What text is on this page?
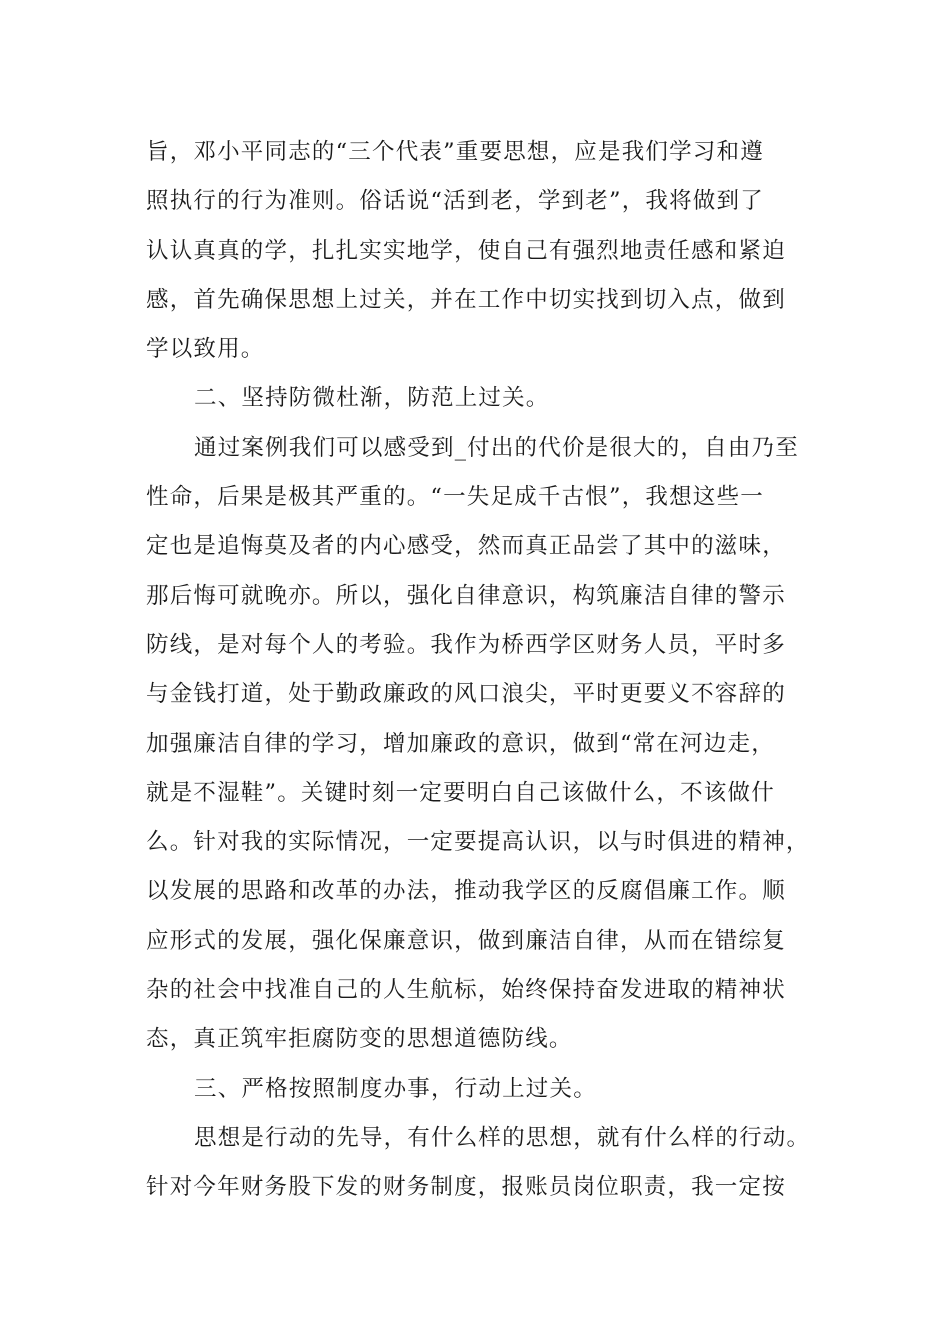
旨，邓小平同志的“三个代表”重要思想，应是我们学习和遵
照执行的行为准则。俗话说“活到老，学到老”，我将做到了
认认真真的学，扎扎实实地学，使自己有强烈地责任感和紧迫
感，首先确保思想上过关，并在工作中切实找到切入点，做到
学以致用。
二、坚持防微杜渐，防范上过关。
通过案例我们可以感受到_付出的代价是很大的，自由乃至
性命，后果是极其严重的。“一失足成千古恨”，我想这些一
定也是追悔莫及者的内心感受，然而真正品尝了其中的滋味，
那后悔可就晚亦。所以，强化自律意识，构筑廉洁自律的警示
防线，是对每个人的考验。我作为桥西学区财务人员，平时多
与金钱打道，处于勤政廉政的风口浪尖，平时更要义不容辞的
加强廉洁自律的学习，增加廉政的意识，做到“常在河边走，
就是不湿鞋”。关键时刻一定要明白自己该做什么，不该做什
么。针对我的实际情况，一定要提高认识，以与时俱进的精神，
以发展的思路和改革的办法，推动我学区的反腐倡廉工作。顺
应形式的发展，强化保廉意识，做到廉洁自律，从而在错综复
杂的社会中找准自己的人生航标，始终保持奋发进取的精神状
态，真正筑牢拒腐防变的思想道德防线。
三、严格按照制度办事，行动上过关。
思想是行动的先导，有什么样的思想，就有什么样的行动。
针对今年财务股下发的财务制度，报账员岗位职责，我一定按
